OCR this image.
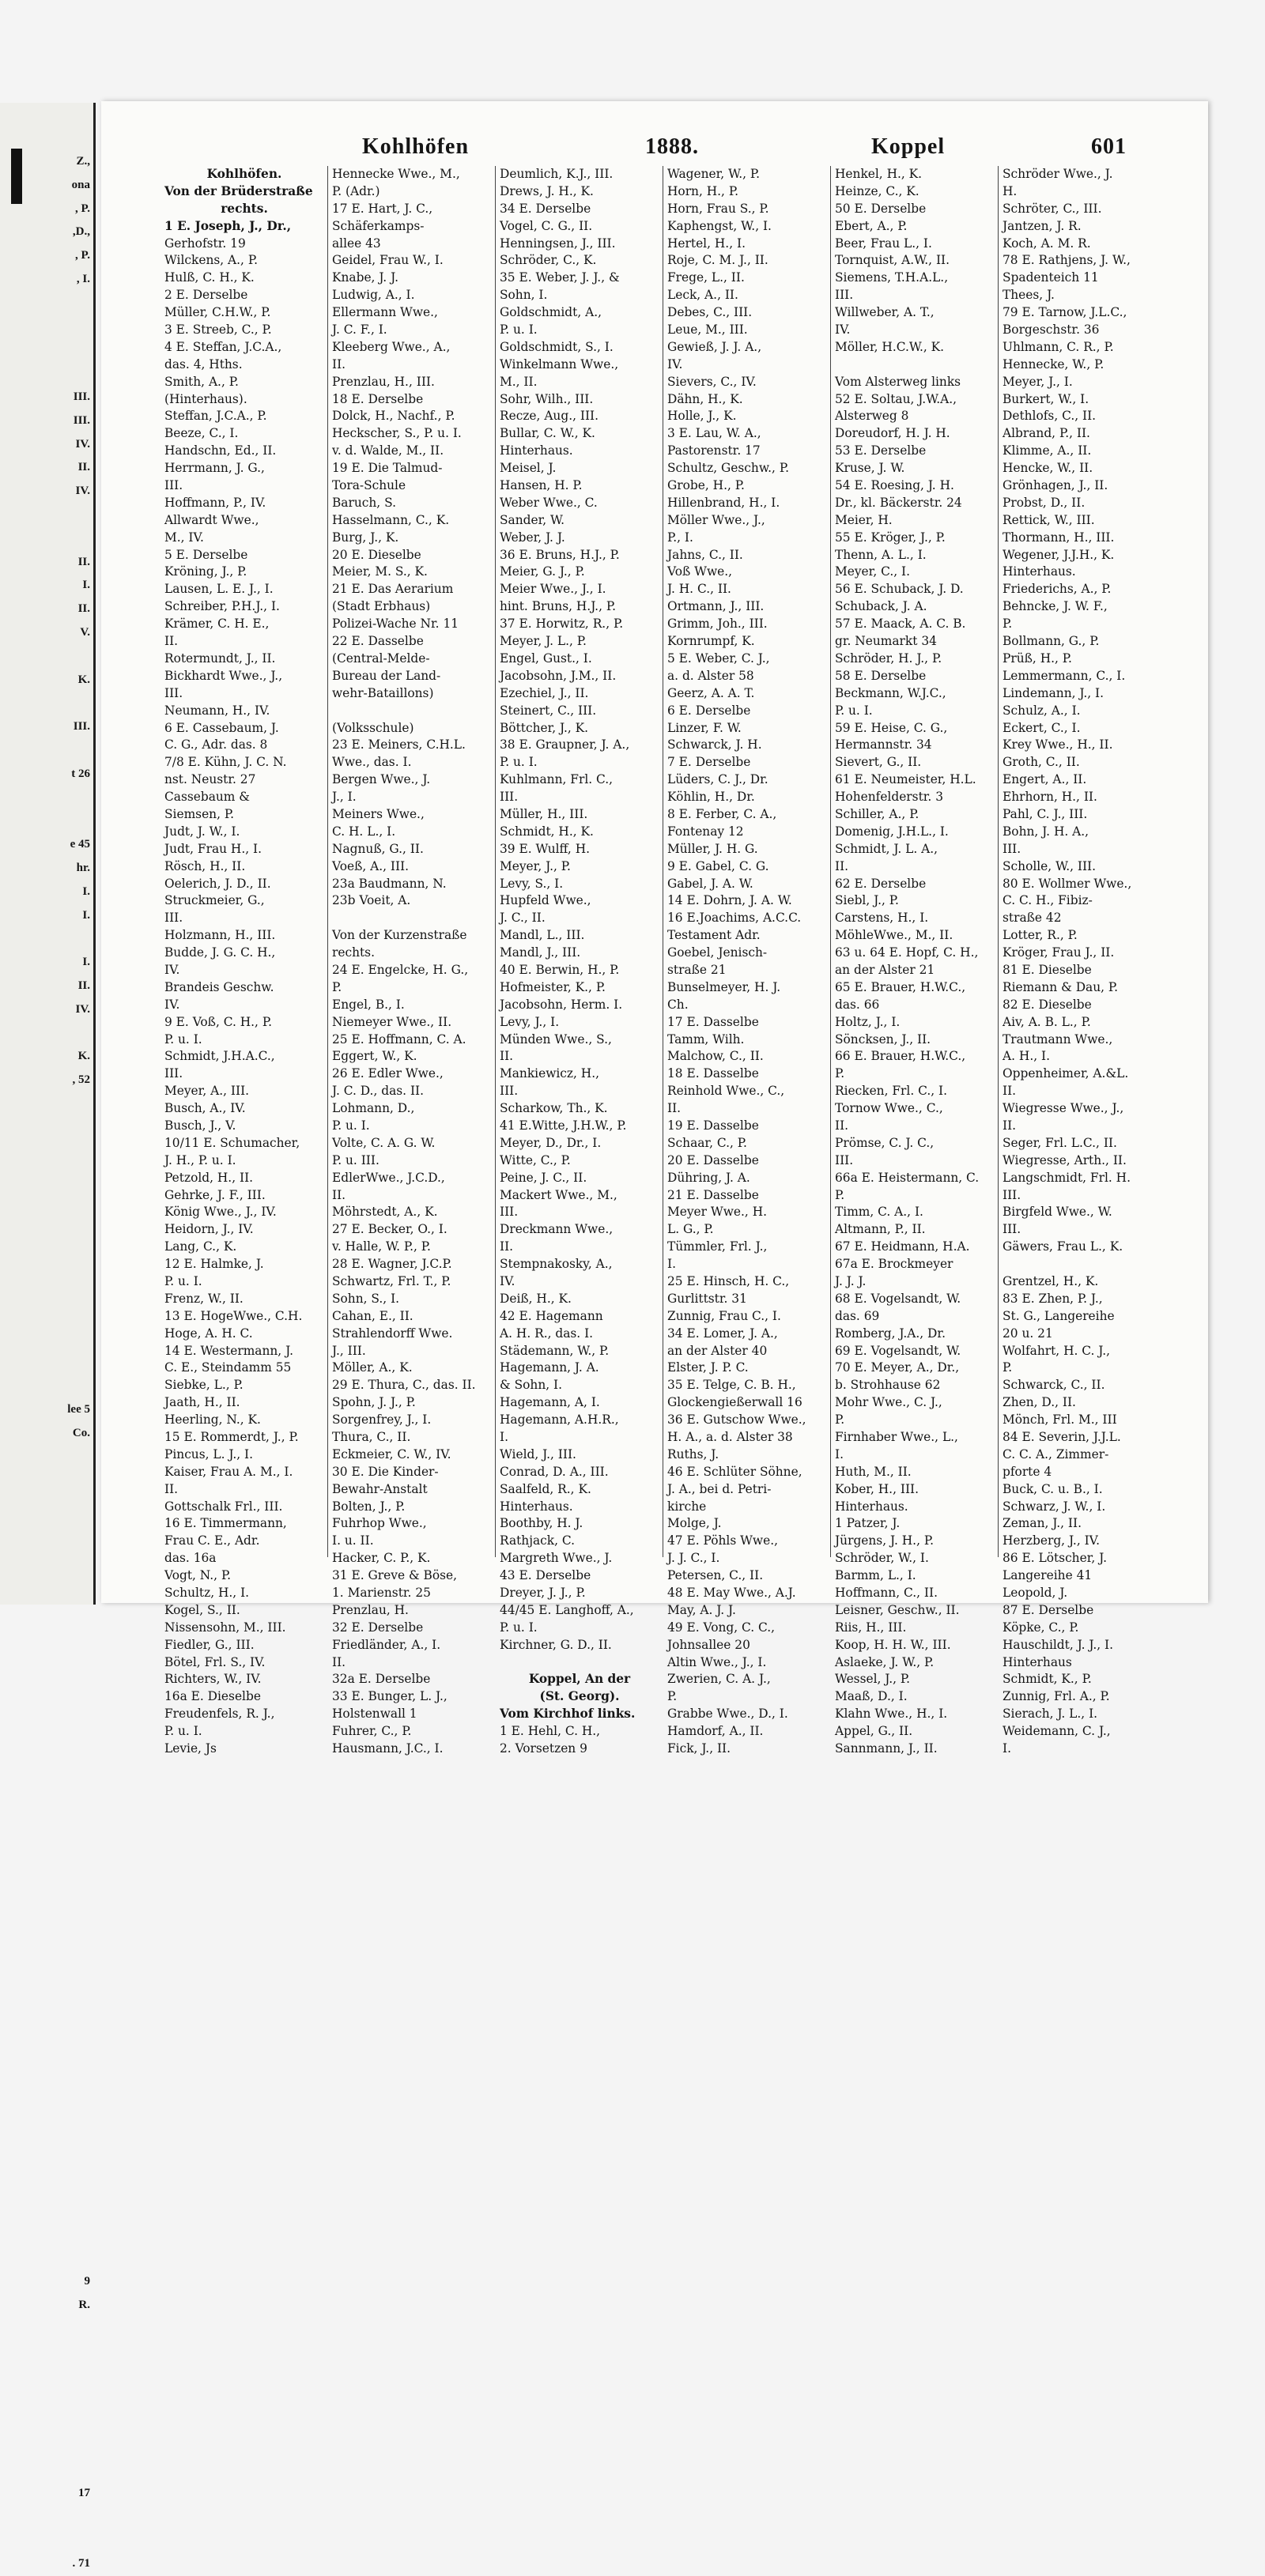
Z.,
ona
, P.
,D.,
, P.
, I.
III.
III.
IV.
II.
IV.
II.
I.
II.
V.
K.
III.
t 26
e 45
hr.
I.
I.
I.
II.
IV.
K.
, 52
lee 5
Co.
9
R.
17
. 71
Kohlhöfen	1888.	Koppel	601
Kohlhöfen.
Von der Brüderstraße
rechts.
1 E. Joseph, J., Dr.,
Gerhofstr. 19
Wilckens, A., P.
Hulß, C. H., K.
2 E. Derselbe
Müller, C.H.W., P.
3 E. Streeb, C., P.
4 E. Steffan, J.C.A.,
das. 4, Hths.
Smith, A., P.
(Hinterhaus).
Steffan, J.C.A., P.
Beeze, C., I.
Handschn, Ed., II.
Herrmann, J. G.,
III.
Hoffmann, P., IV.
Allwardt Wwe.,
M., IV.
5 E. Derselbe
Kröning, J., P.
Lausen, L. E. J., I.
Schreiber, P.H.J., I.
Krämer, C. H. E.,
II.
Rotermundt, J., II.
Bickhardt Wwe., J.,
III.
Neumann, H., IV.
6 E. Cassebaum, J.
C. G., Adr. das. 8
7/8 E. Kühn, J. C. N.
nst. Neustr. 27
Cassebaum &
Siemsen, P.
Judt, J. W., I.
Judt, Frau H., I.
Rösch, H., II.
Oelerich, J. D., II.
Struckmeier, G.,
III.
Holzmann, H., III.
Budde, J. G. C. H.,
IV.
Brandeis Geschw.
IV.
9 E. Voß, C. H., P.
P. u. I.
Schmidt, J.H.A.C.,
III.
Meyer, A., III.
Busch, A., IV.
Busch, J., V.
10/11 E. Schumacher,
J. H., P. u. I.
Petzold, H., II.
Gehrke, J. F., III.
König Wwe., J., IV.
Heidorn, J., IV.
Lang, C., K.
12 E. Halmke, J.
P. u. I.
Frenz, W., II.
13 E. HogeWwe., C.H.
Hoge, A. H. C.
14 E. Westermann, J.
C. E., Steindamm 55
Siebke, L., P.
Jaath, H., II.
Heerling, N., K.
15 E. Rommerdt, J., P.
Pincus, L. J., I.
Kaiser, Frau A. M., I.
II.
Gottschalk Frl., III.
16 E. Timmermann,
Frau C. E., Adr.
das. 16a
Vogt, N., P.
Schultz, H., I.
Kogel, S., II.
Nissensohn, M., III.
Fiedler, G., III.
Bötel, Frl. S., IV.
Richters, W., IV.
16a E. Dieselbe
Freudenfels, R. J.,
P. u. I.
Levie, Js
Hennecke Wwe., M.,
P. (Adr.)
17 E. Hart, J. C.,
Schäferkamps-
allee 43
Geidel, Frau W., I.
Knabe, J. J.
Ludwig, A., I.
Ellermann Wwe.,
J. C. F., I.
Kleeberg Wwe., A.,
II.
Prenzlau, H., III.
18 E. Derselbe
Dolck, H., Nachf., P.
Heckscher, S., P. u. I.
v. d. Walde, M., II.
19 E. Die Talmud-
Tora-Schule
Baruch, S.
Hasselmann, C., K.
Burg, J., K.
20 E. Dieselbe
Meier, M. S., K.
21 E. Das Aerarium
(Stadt Erbhaus)
Polizei-Wache Nr. 11
22 E. Dasselbe
(Central-Melde-
Bureau der Land-
wehr-Bataillons)
(Volksschule)
23 E. Meiners, C.H.L.
Wwe., das. I.
Bergen Wwe., J.
J., I.
Meiners Wwe.,
C. H. L., I.
Nagnuß, G., II.
Voeß, A., III.
23a Baudmann, N.
23b Voeit, A.
Von der Kurzenstraße
rechts.
24 E. Engelcke, H. G.,
P.
Engel, B., I.
Niemeyer Wwe., II.
25 E. Hoffmann, C. A.
Eggert, W., K.
26 E. Edler Wwe.,
J. C. D., das. II.
Lohmann, D.,
P. u. I.
Volte, C. A. G. W.
P. u. III.
EdlerWwe., J.C.D.,
II.
Möhrstedt, A., K.
27 E. Becker, O., I.
v. Halle, W. P., P.
28 E. Wagner, J.C.P.
Schwartz, Frl. T., P.
Sohn, S., I.
Cahan, E., II.
Strahlendorff Wwe.
J., III.
Möller, A., K.
29 E. Thura, C., das. II.
Spohn, J. J., P.
Sorgenfrey, J., I.
Thura, C., II.
Eckmeier, C. W., IV.
30 E. Die Kinder-
Bewahr-Anstalt
Bolten, J., P.
Fuhrhop Wwe.,
I. u. II.
Hacker, C. P., K.
31 E. Greve & Böse,
1. Marienstr. 25
Prenzlau, H.
32 E. Derselbe
Friedländer, A., I.
II.
32a E. Derselbe
33 E. Bunger, L. J.,
Holstenwall 1
Fuhrer, C., P.
Hausmann, J.C., I.
Deumlich, K.J., III.
Drews, J. H., K.
34 E. Derselbe
Vogel, C. G., II.
Henningsen, J., III.
Schröder, C., K.
35 E. Weber, J. J., &
Sohn, I.
Goldschmidt, A.,
P. u. I.
Goldschmidt, S., I.
Winkelmann Wwe.,
M., II.
Sohr, Wilh., III.
Recze, Aug., III.
Bullar, C. W., K.
Hinterhaus.
Meisel, J.
Hansen, H. P.
Weber Wwe., C.
Sander, W.
Weber, J. J.
36 E. Bruns, H.J., P.
Meier, G. J., P.
Meier Wwe., J., I.
hint. Bruns, H.J., P.
37 E. Horwitz, R., P.
Meyer, J. L., P.
Engel, Gust., I.
Jacobsohn, J.M., II.
Ezechiel, J., II.
Steinert, C., III.
Böttcher, J., K.
38 E. Graupner, J. A.,
P. u. I.
Kuhlmann, Frl. C.,
III.
Müller, H., III.
Schmidt, H., K.
39 E. Wulff, H.
Meyer, J., P.
Levy, S., I.
Hupfeld Wwe.,
J. C., II.
Mandl, L., III.
Mandl, J., III.
40 E. Berwin, H., P.
Hofmeister, K., P.
Jacobsohn, Herm. I.
Levy, J., I.
Münden Wwe., S.,
II.
Mankiewicz, H.,
III.
Scharkow, Th., K.
41 E.Witte, J.H.W., P.
Meyer, D., Dr., I.
Witte, C., P.
Peine, J. C., II.
Mackert Wwe., M.,
III.
Dreckmann Wwe.,
II.
Stempnakosky, A.,
IV.
Deiß, H., K.
42 E. Hagemann
A. H. R., das. I.
Städemann, W., P.
Hagemann, J. A.
& Sohn, I.
Hagemann, A, I.
Hagemann, A.H.R.,
I.
Wield, J., III.
Conrad, D. A., III.
Saalfeld, R., K.
Hinterhaus.
Boothby, H. J.
Rathjack, C.
Margreth Wwe., J.
43 E. Derselbe
Dreyer, J. J., P.
44/45 E. Langhoff, A.,
P. u. I.
Kirchner, G. D., II.
Koppel, An der
(St. Georg).
Vom Kirchhof links.
1 E. Hehl, C. H.,
2. Vorsetzen 9
Wagener, W., P.
Horn, H., P.
Horn, Frau S., P.
Kaphengst, W., I.
Hertel, H., I.
Roje, C. M. J., II.
Frege, L., II.
Leck, A., II.
Debes, C., III.
Leue, M., III.
Gewieß, J. J. A.,
IV.
Sievers, C., IV.
Dähn, H., K.
Holle, J., K.
3 E. Lau, W. A.,
Pastorenstr. 17
Schultz, Geschw., P.
Grobe, H., P.
Hillenbrand, H., I.
Möller Wwe., J.,
P., I.
Jahns, C., II.
Voß Wwe.,
J. H. C., II.
Ortmann, J., III.
Grimm, Joh., III.
Kornrumpf, K.
5 E. Weber, C. J.,
a. d. Alster 58
Geerz, A. A. T.
6 E. Derselbe
Linzer, F. W.
Schwarck, J. H.
7 E. Derselbe
Lüders, C. J., Dr.
Köhlin, H., Dr.
8 E. Ferber, C. A.,
Fontenay 12
Müller, J. H. G.
9 E. Gabel, C. G.
Gabel, J. A. W.
14 E. Dohrn, J. A. W.
16 E.Joachims, A.C.C.
Testament Adr.
Goebel, Jenisch-
straße 21
Bunselmeyer, H. J.
Ch.
17 E. Dasselbe
Tamm, Wilh.
Malchow, C., II.
18 E. Dasselbe
Reinhold Wwe., C.,
II.
19 E. Dasselbe
Schaar, C., P.
20 E. Dasselbe
Dühring, J. A.
21 E. Dasselbe
Meyer Wwe., H.
L. G., P.
Tümmler, Frl. J.,
I.
25 E. Hinsch, H. C.,
Gurlittstr. 31
Zunnig, Frau C., I.
34 E. Lomer, J. A.,
an der Alster 40
Elster, J. P. C.
35 E. Telge, C. B. H.,
Glockengießerwall 16
36 E. Gutschow Wwe.,
H. A., a. d. Alster 38
Ruths, J.
46 E. Schlüter Söhne,
J. A., bei d. Petri-
kirche
Molge, J.
47 E. Pöhls Wwe.,
J. J. C., I.
Petersen, C., II.
48 E. May Wwe., A.J.
May, A. J. J.
49 E. Vong, C. C.,
Johnsallee 20
Altin Wwe., J., I.
Zwerien, C. A. J.,
P.
Grabbe Wwe., D., I.
Hamdorf, A., II.
Fick, J., II.
Henkel, H., K.
Heinze, C., K.
50 E. Derselbe
Ebert, A., P.
Beer, Frau L., I.
Tornquist, A.W., II.
Siemens, T.H.A.L.,
III.
Willweber, A. T.,
IV.
Möller, H.C.W., K.
Vom Alsterweg links
52 E. Soltau, J.W.A.,
Alsterweg 8
Doreudorf, H. J. H.
53 E. Derselbe
Kruse, J. W.
54 E. Roesing, J. H.
Dr., kl. Bäckerstr. 24
Meier, H.
55 E. Kröger, J., P.
Thenn, A. L., I.
Meyer, C., I.
56 E. Schuback, J. D.
Schuback, J. A.
57 E. Maack, A. C. B.
gr. Neumarkt 34
Schröder, H. J., P.
58 E. Derselbe
Beckmann, W.J.C.,
P. u. I.
59 E. Heise, C. G.,
Hermannstr. 34
Sievert, G., II.
61 E. Neumeister, H.L.
Hohenfelderstr. 3
Schiller, A., P.
Domenig, J.H.L., I.
Schmidt, J. L. A.,
II.
62 E. Derselbe
Siebl, J., P.
Carstens, H., I.
MöhleWwe., M., II.
63 u. 64 E. Hopf, C. H.,
an der Alster 21
65 E. Brauer, H.W.C.,
das. 66
Holtz, J., I.
Söncksen, J., II.
66 E. Brauer, H.W.C.,
P.
Riecken, Frl. C., I.
Tornow Wwe., C.,
II.
Prömse, C. J. C.,
III.
66a E. Heistermann, C.
P.
Timm, C. A., I.
Altmann, P., II.
67 E. Heidmann, H.A.
67a E. Brockmeyer
J. J. J.
68 E. Vogelsandt, W.
das. 69
Romberg, J.A., Dr.
69 E. Vogelsandt, W.
70 E. Meyer, A., Dr.,
b. Strohhause 62
Mohr Wwe., C. J.,
P.
Firnhaber Wwe., L.,
I.
Huth, M., II.
Kober, H., III.
Hinterhaus.
1 Patzer, J.
Jürgens, J. H., P.
Schröder, W., I.
Barmm, L., I.
Hoffmann, C., II.
Leisner, Geschw., II.
Riis, H., III.
Koop, H. H. W., III.
Aslaeke, J. W., P.
Wessel, J., P.
Maaß, D., I.
Klahn Wwe., H., I.
Appel, G., II.
Sannmann, J., II.
Schröder Wwe., J.
H.
Schröter, C., III.
Jantzen, J. R.
Koch, A. M. R.
78 E. Rathjens, J. W.,
Spadenteich 11
Thees, J.
79 E. Tarnow, J.L.C.,
Borgeschstr. 36
Uhlmann, C. R., P.
Hennecke, W., P.
Meyer, J., I.
Burkert, W., I.
Dethlofs, C., II.
Albrand, P., II.
Klimme, A., II.
Hencke, W., II.
Grönhagen, J., II.
Probst, D., II.
Rettick, W., III.
Thormann, H., III.
Wegener, J.J.H., K.
Hinterhaus.
Friederichs, A., P.
Behncke, J. W. F.,
P.
Bollmann, G., P.
Prüß, H., P.
Lemmermann, C., I.
Lindemann, J., I.
Schulz, A., I.
Eckert, C., I.
Krey Wwe., H., II.
Groth, C., II.
Engert, A., II.
Ehrhorn, H., II.
Pahl, C. J., III.
Bohn, J. H. A.,
III.
Scholle, W., III.
80 E. Wollmer Wwe.,
C. C. H., Fibiz-
straße 42
Lotter, R., P.
Kröger, Frau J., II.
81 E. Dieselbe
Riemann & Dau, P.
82 E. Dieselbe
Aiv, A. B. L., P.
Trautmann Wwe.,
A. H., I.
Oppenheimer, A.&L.
II.
Wiegresse Wwe., J.,
II.
Seger, Frl. L.C., II.
Wiegresse, Arth., II.
Langschmidt, Frl. H.
III.
Birgfeld Wwe., W.
III.
Gäwers, Frau L., K.
Grentzel, H., K.
83 E. Zhen, P. J.,
St. G., Langereihe
20 u. 21
Wolfahrt, H. C. J.,
P.
Schwarck, C., II.
Zhen, D., II.
Mönch, Frl. M., III
84 E. Severin, J.J.L.
C. C. A., Zimmer-
pforte 4
Buck, C. u. B., I.
Schwarz, J. W., I.
Zeman, J., II.
Herzberg, J., IV.
86 E. Lötscher, J.
Langereihe 41
Leopold, J.
87 E. Derselbe
Köpke, C., P.
Hauschildt, J. J., I.
Hinterhaus
Schmidt, K., P.
Zunnig, Frl. A., P.
Sierach, J. L., I.
Weidemann, C. J.,
I.
